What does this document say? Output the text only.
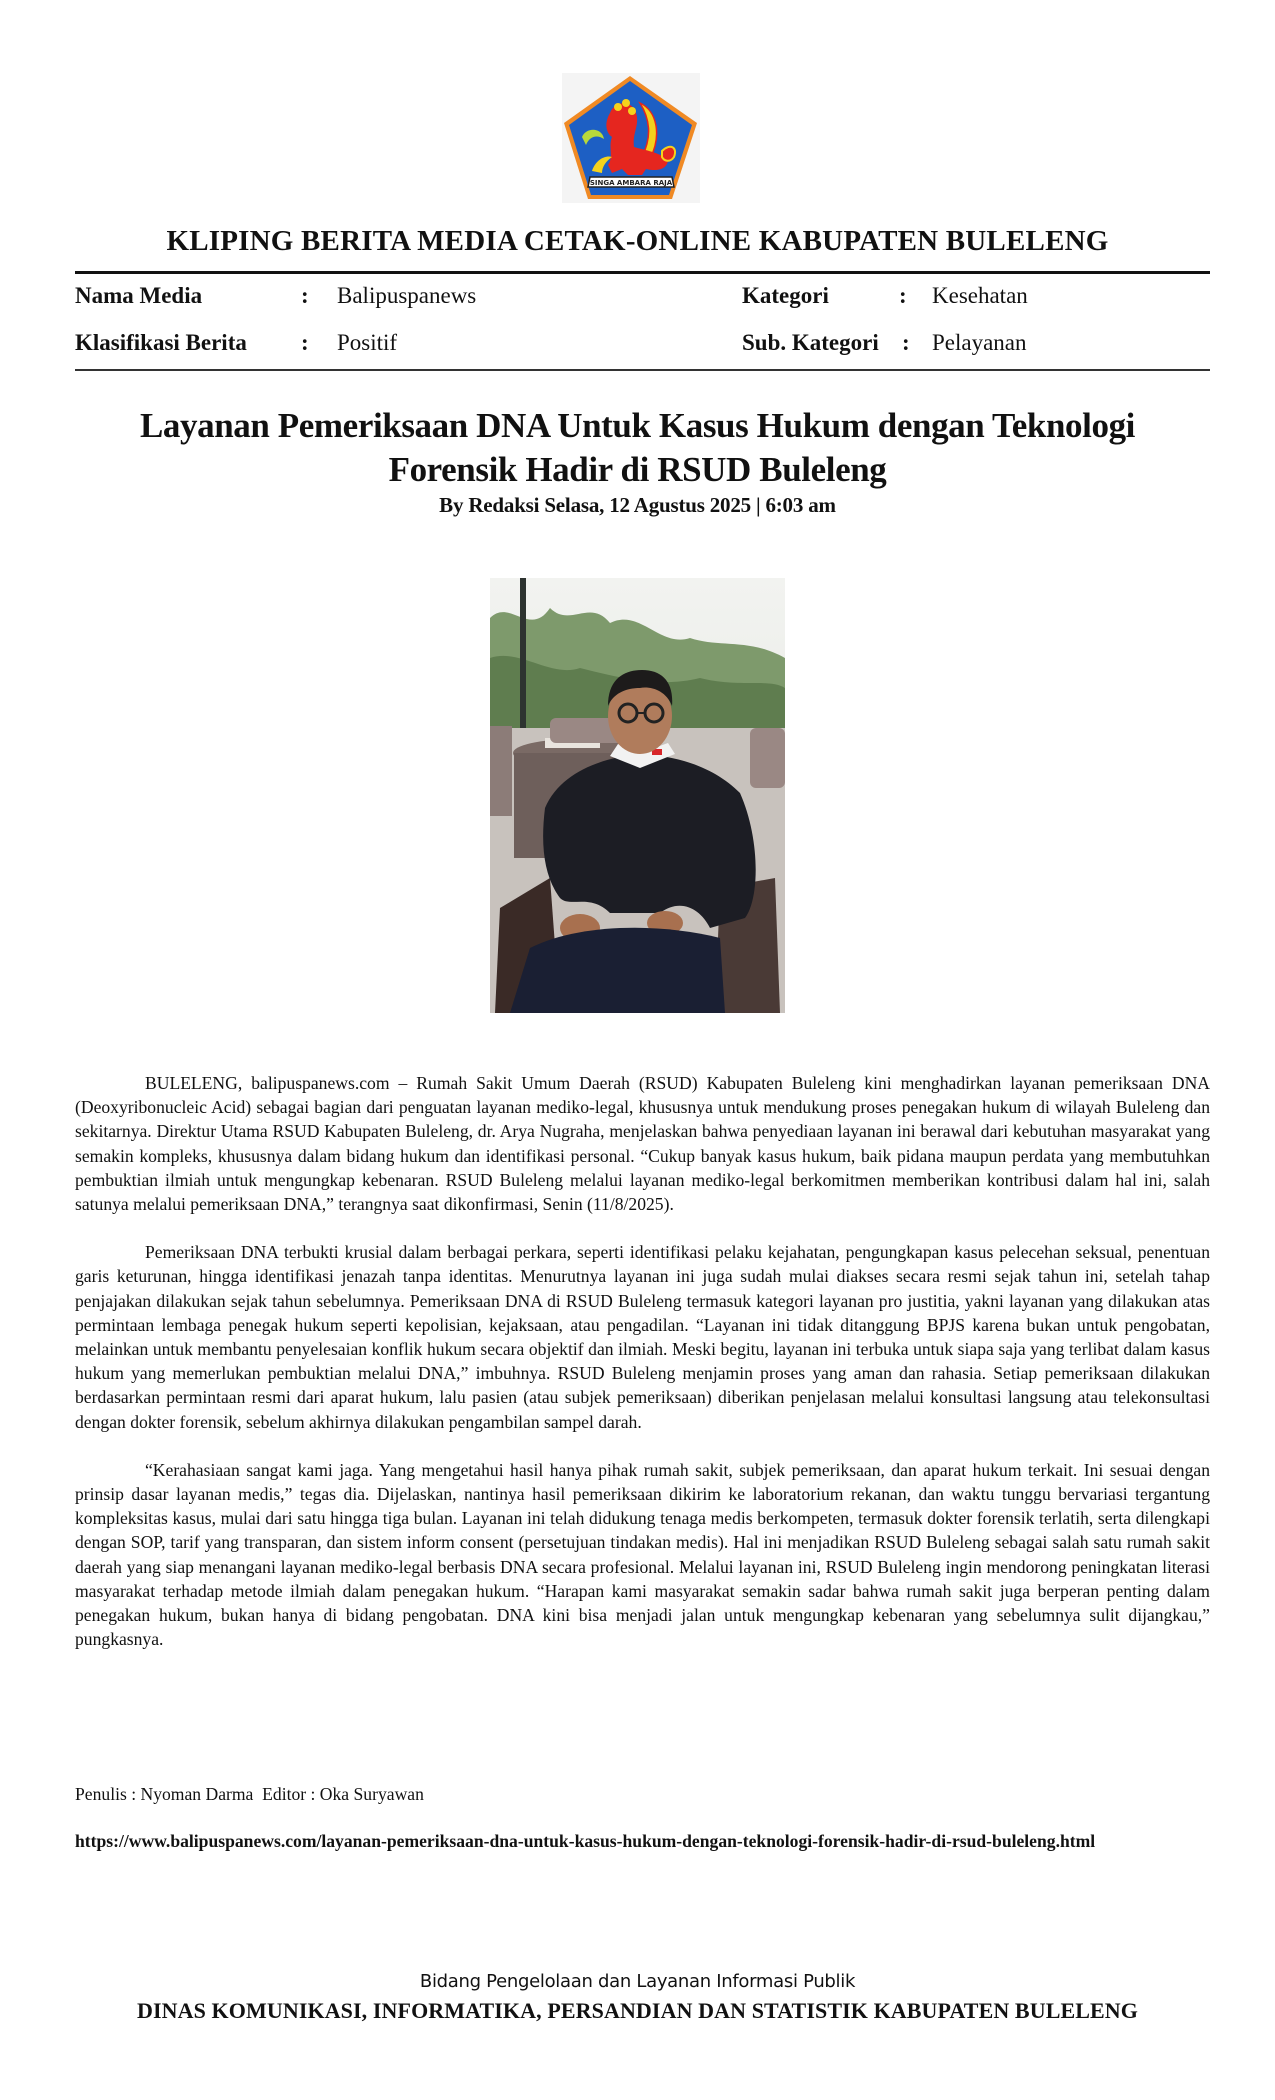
SINGA AMBARA RAJA
KLIPING BERITA MEDIA CETAK-ONLINE KABUPATEN BULELENG
Nama Media	: Balipuspanews
Klasifikasi Berita : Positif
Kategori	: Kesehatan
Sub. Kategori : Pelayanan
Layanan Pemeriksaan DNA Untuk Kasus Hukum dengan Teknologi Forensik Hadir di RSUD Buleleng
By Redaksi Selasa, 12 Agustus 2025 | 6:03 am

BULELENG, balipuspanews.com – Rumah Sakit Umum Daerah (RSUD) Kabupaten Buleleng kini menghadirkan layanan pemeriksaan DNA (Deoxyribonucleic Acid) sebagai bagian dari penguatan layanan mediko-legal, khususnya untuk mendukung proses penegakan hukum di wilayah Buleleng dan sekitarnya. Direktur Utama RSUD Kabupaten Buleleng, dr. Arya Nugraha, menjelaskan bahwa penyediaan layanan ini berawal dari kebutuhan masyarakat yang semakin kompleks, khususnya dalam bidang hukum dan identifikasi personal. “Cukup banyak kasus hukum, baik pidana maupun perdata yang membutuhkan pembuktian ilmiah untuk mengungkap kebenaran. RSUD Buleleng melalui layanan mediko-legal berkomitmen memberikan kontribusi dalam hal ini, salah satunya melalui pemeriksaan DNA,” terangnya saat dikonfirmasi, Senin (11/8/2025).

Pemeriksaan DNA terbukti krusial dalam berbagai perkara, seperti identifikasi pelaku kejahatan, pengungkapan kasus pelecehan seksual, penentuan garis keturunan, hingga identifikasi jenazah tanpa identitas. Menurutnya layanan ini juga sudah mulai diakses secara resmi sejak tahun ini, setelah tahap penjajakan dilakukan sejak tahun sebelumnya. Pemeriksaan DNA di RSUD Buleleng termasuk kategori layanan pro justitia, yakni layanan yang dilakukan atas permintaan lembaga penegak hukum seperti kepolisian, kejaksaan, atau pengadilan. “Layanan ini tidak ditanggung BPJS karena bukan untuk pengobatan, melainkan untuk membantu penyelesaian konflik hukum secara objektif dan ilmiah. Meski begitu, layanan ini terbuka untuk siapa saja yang terlibat dalam kasus hukum yang memerlukan pembuktian melalui DNA,” imbuhnya. RSUD Buleleng menjamin proses yang aman dan rahasia. Setiap pemeriksaan dilakukan berdasarkan permintaan resmi dari aparat hukum, lalu pasien (atau subjek pemeriksaan) diberikan penjelasan melalui konsultasi langsung atau telekonsultasi dengan dokter forensik, sebelum akhirnya dilakukan pengambilan sampel darah.

“Kerahasiaan sangat kami jaga. Yang mengetahui hasil hanya pihak rumah sakit, subjek pemeriksaan, dan aparat hukum terkait. Ini sesuai dengan prinsip dasar layanan medis,” tegas dia. Dijelaskan, nantinya hasil pemeriksaan dikirim ke laboratorium rekanan, dan waktu tunggu bervariasi tergantung kompleksitas kasus, mulai dari satu hingga tiga bulan. Layanan ini telah didukung tenaga medis berkompeten, termasuk dokter forensik terlatih, serta dilengkapi dengan SOP, tarif yang transparan, dan sistem inform consent (persetujuan tindakan medis). Hal ini menjadikan RSUD Buleleng sebagai salah satu rumah sakit daerah yang siap menangani layanan mediko-legal berbasis DNA secara profesional. Melalui layanan ini, RSUD Buleleng ingin mendorong peningkatan literasi masyarakat terhadap metode ilmiah dalam penegakan hukum. “Harapan kami masyarakat semakin sadar bahwa rumah sakit juga berperan penting dalam penegakan hukum, bukan hanya di bidang pengobatan. DNA kini bisa menjadi jalan untuk mengungkap kebenaran yang sebelumnya sulit dijangkau,” pungkasnya.

Penulis : Nyoman Darma  Editor : Oka Suryawan
https://www.balipuspanews.com/layanan-pemeriksaan-dna-untuk-kasus-hukum-dengan-teknologi-forensik-hadir-di-rsud-buleleng.html
Bidang Pengelolaan dan Layanan Informasi Publik
DINAS KOMUNIKASI, INFORMATIKA, PERSANDIAN DAN STATISTIK KABUPATEN BULELENG
